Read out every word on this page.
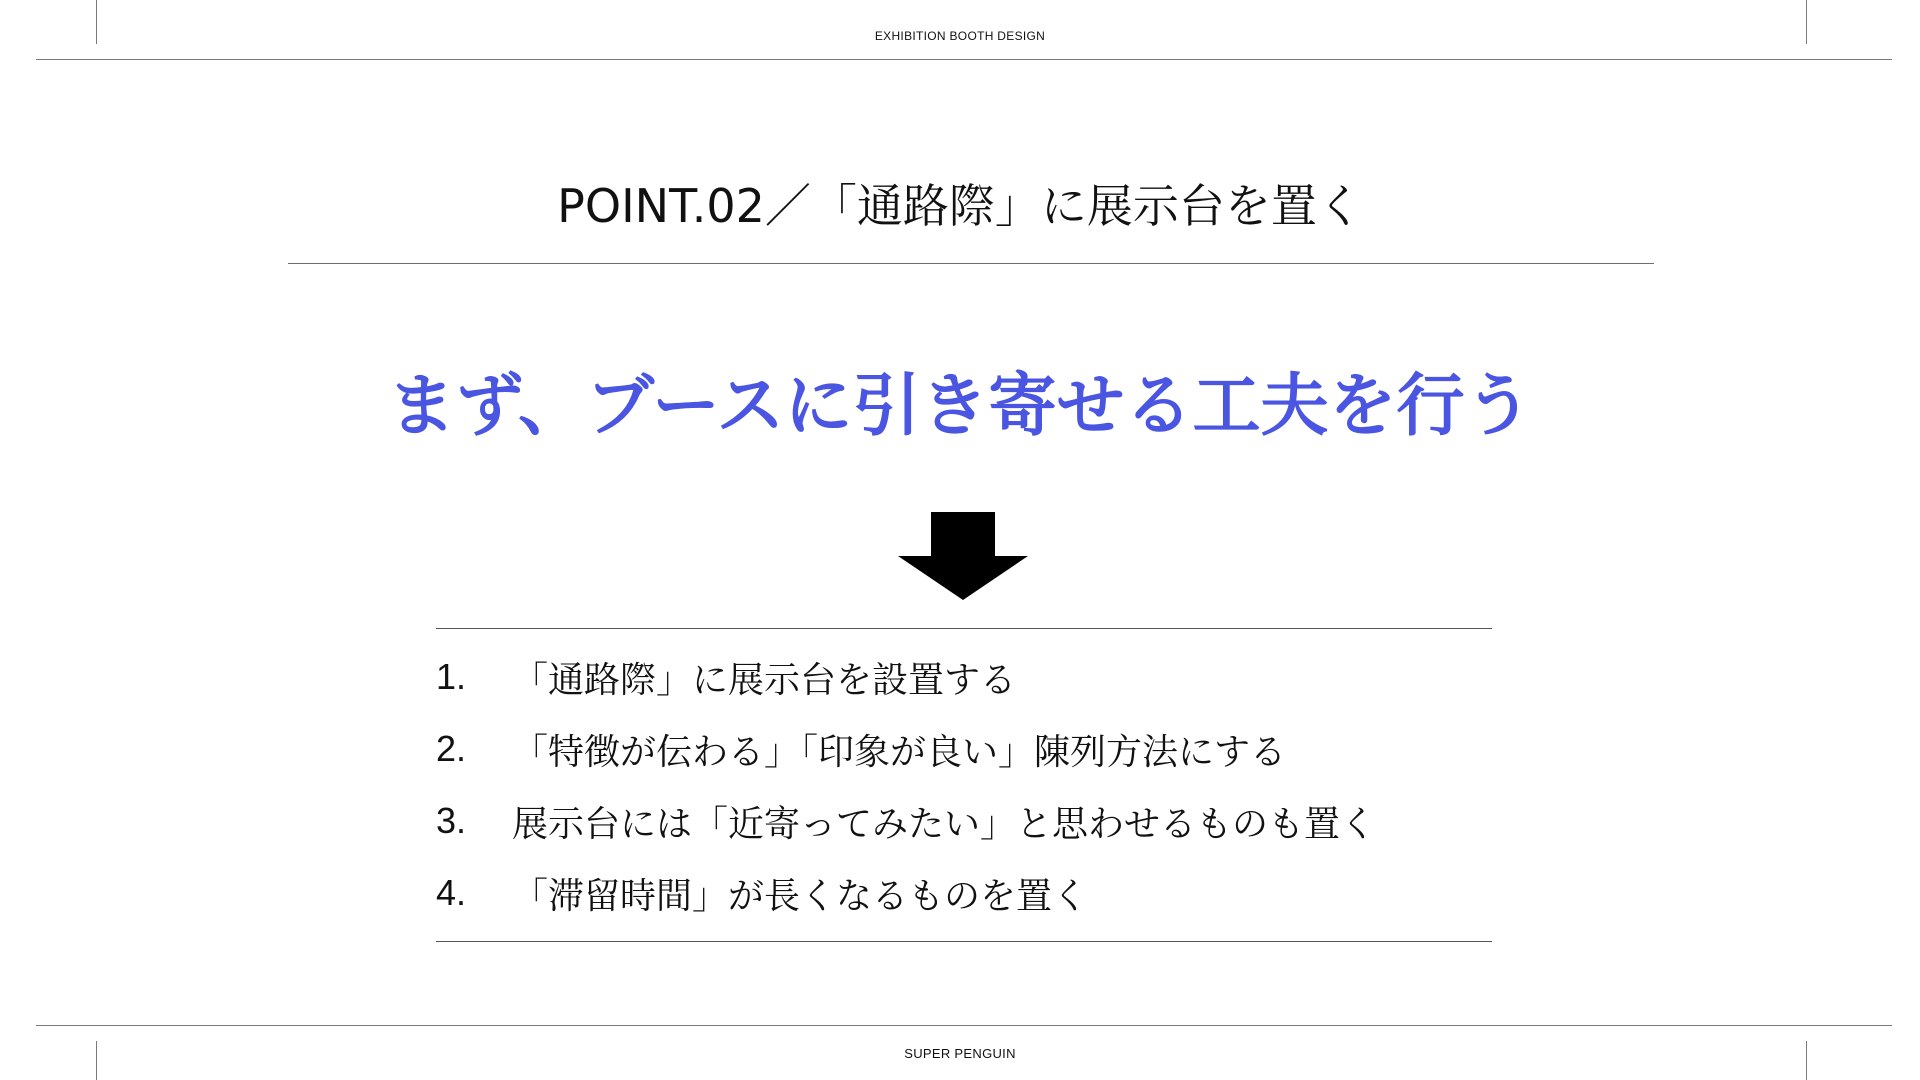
EXHIBITION BOOTH DESIGN
POINT.02／「通路際」に展示台を置く
まず、ブースに引き寄せる工夫を行う
1.	「通路際」に展示台を設置する
2.	「特徴が伝わる」「印象が良い」陳列方法にする
3.	展示台には「近寄ってみたい」と思わせるものも置く
4.	「滞留時間」が長くなるものを置く
SUPER PENGUIN
